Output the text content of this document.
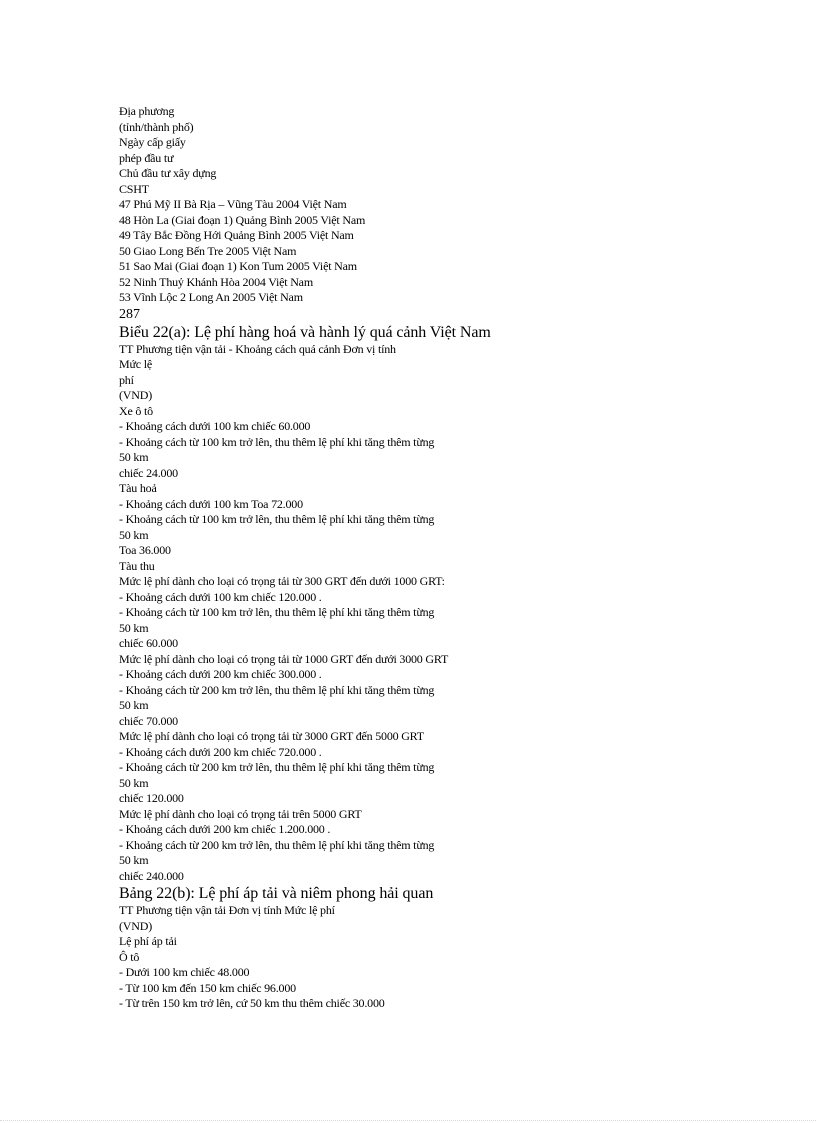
Địa phương
(tỉnh/thành phố)
Ngày cấp giấy
phép đầu tư
Chủ đầu tư xây dựng
CSHT
47 Phú Mỹ II Bà Rịa – Vũng Tàu 2004 Việt Nam
48 Hòn La (Giai đoạn 1) Quảng Bình 2005 Việt Nam
49 Tây Bắc Đồng Hới Quảng Bình 2005 Việt Nam
50 Giao Long Bến Tre 2005 Việt Nam
51 Sao Mai (Giai đoạn 1) Kon Tum 2005 Việt Nam
52 Ninh Thuỷ Khánh Hòa 2004 Việt Nam
53 Vĩnh Lộc 2 Long An 2005 Việt Nam
287
Biểu 22(a): Lệ phí hàng hoá và hành lý quá cảnh Việt Nam
TT Phương tiện vận tải - Khoảng cách quá cảnh Đơn vị tính
Mức lệ
phí
(VND)
Xe ô tô
- Khoảng cách dưới 100 km chiếc 60.000
- Khoảng cách từ 100 km trở lên, thu thêm lệ phí khi tăng thêm từng
50 km
chiếc 24.000
Tàu hoả
- Khoảng cách dưới 100 km Toa 72.000
- Khoảng cách từ 100 km trở lên, thu thêm lệ phí khi tăng thêm từng
50 km
Toa 36.000
Tàu thu
Mức lệ phí dành cho loại có trọng tải từ 300 GRT đến dưới 1000 GRT:
- Khoảng cách dưới 100 km chiếc 120.000 .
- Khoảng cách từ 100 km trở lên, thu thêm lệ phí khi tăng thêm từng
50 km
chiếc 60.000
Mức lệ phí dành cho loại có trọng tải từ 1000 GRT đến dưới 3000 GRT
- Khoảng cách dưới 200 km chiếc 300.000 .
- Khoảng cách từ 200 km trở lên, thu thêm lệ phí khi tăng thêm từng
50 km
chiếc 70.000
Mức lệ phí dành cho loại có trọng tải từ 3000 GRT đến 5000 GRT
- Khoảng cách dưới 200 km chiếc 720.000 .
- Khoảng cách từ 200 km trở lên, thu thêm lệ phí khi tăng thêm từng
50 km
chiếc 120.000
Mức lệ phí dành cho loại có trọng tải trên 5000 GRT
- Khoảng cách dưới 200 km chiếc 1.200.000 .
- Khoảng cách từ 200 km trở lên, thu thêm lệ phí khi tăng thêm từng
50 km
chiếc 240.000
Bảng 22(b): Lệ phí áp tải và niêm phong hải quan
TT Phương tiện vận tải Đơn vị tính Mức lệ phí
(VND)
Lệ phí áp tải
Ô tô
- Dưới 100 km chiếc 48.000
- Từ 100 km đến 150 km chiếc 96.000
- Từ trên 150 km trở lên, cứ 50 km thu thêm chiếc 30.000
